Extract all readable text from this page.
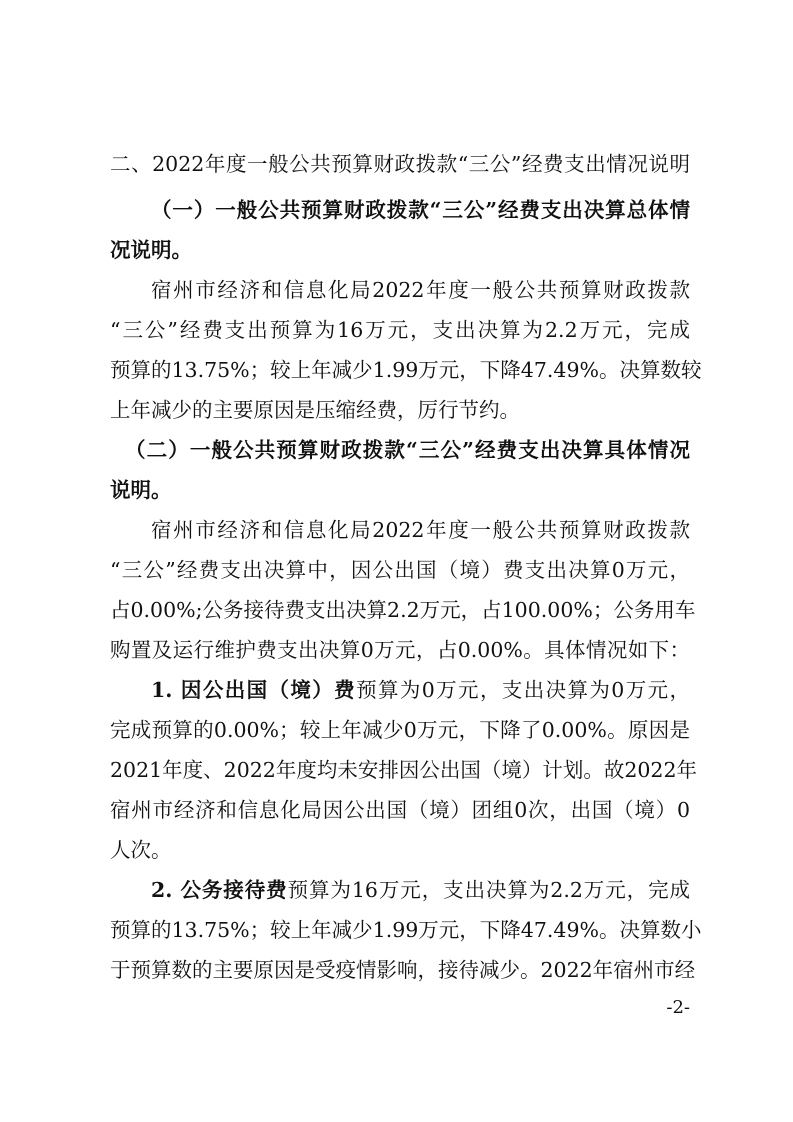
二、2022年度一般公共预算财政拨款“三公”经费支出情况说明
（一）一般公共预算财政拨款“三公”经费支出决算总体情
况说明。
宿州市经济和信息化局2022年度一般公共预算财政拨款
“三公”经费支出预算为16万元，支出决算为2.2万元，完成
预算的13.75%；较上年减少1.99万元，下降47.49%。决算数较
上年减少的主要原因是压缩经费，厉行节约。
（二）一般公共预算财政拨款“三公”经费支出决算具体情况
说明。
宿州市经济和信息化局2022年度一般公共预算财政拨款
“三公”经费支出决算中，因公出国（境）费支出决算0万元，
占0.00%;公务接待费支出决算2.2万元，占100.00%；公务用车
购置及运行维护费支出决算0万元，占0.00%。具体情况如下：
1. 因公出国（境）费预算为0万元，支出决算为0万元，
完成预算的0.00%；较上年减少0万元，下降了0.00%。原因是
2021年度、2022年度均未安排因公出国（境）计划。故2022年
宿州市经济和信息化局因公出国（境）团组0次，出国（境）0
人次。
2. 公务接待费预算为16万元，支出决算为2.2万元，完成
预算的13.75%；较上年减少1.99万元，下降47.49%。决算数小
于预算数的主要原因是受疫情影响，接待减少。2022年宿州市经
-2-
